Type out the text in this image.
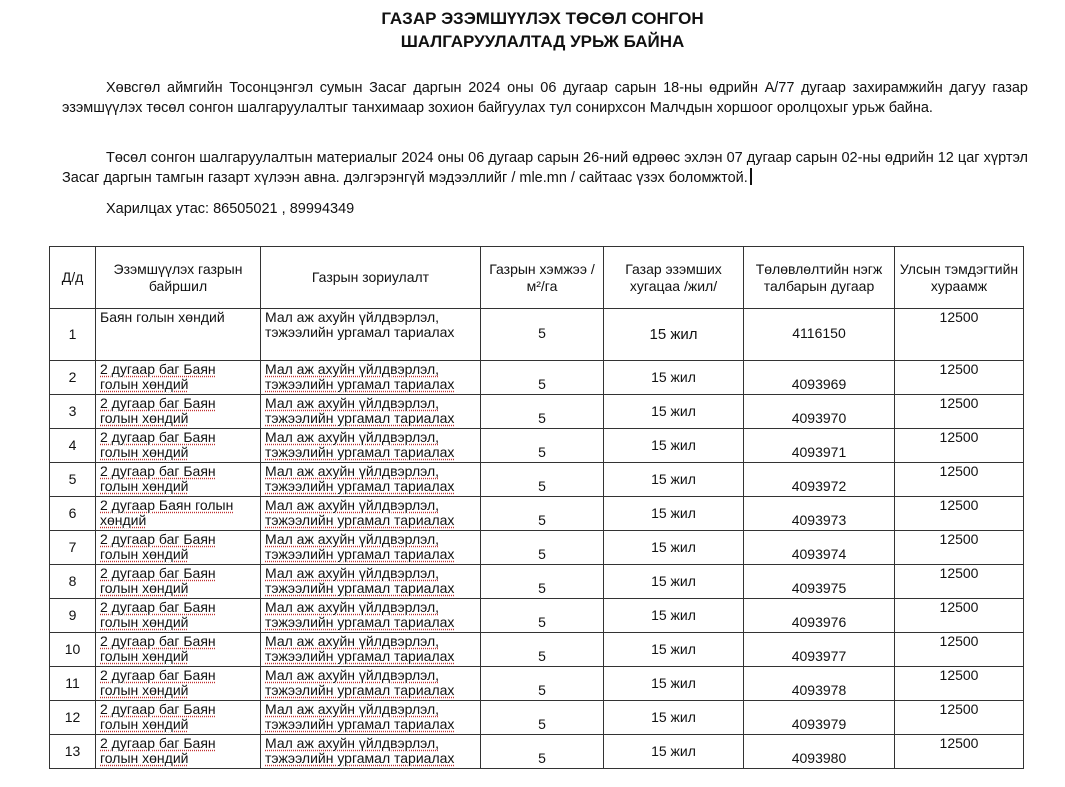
ГАЗАР ЭЗЭМШҮҮЛЭХ ТӨСӨЛ СОНГОН
ШАЛГАРУУЛАЛТАД УРЬЖ БАЙНА
Хөвсгөл аймгийн Тосонцэнгэл сумын Засаг даргын 2024 оны 06 дугаар сарын 18-ны өдрийн А/77 дугаар захирамжийн дагуу газар эзэмшүүлэх төсөл сонгон шалгаруулалтыг танхимаар зохион байгуулах тул сонирхсон Малчдын хоршоог оролцохыг урьж байна.
Төсөл сонгон шалгаруулалтын материалыг 2024 оны 06 дугаар сарын 26-ний өдрөөс эхлэн 07 дугаар сарын 02-ны өдрийн 12 цаг хүртэл Засаг даргын тамгын газарт хүлээн авна. дэлгэрэнгүй мэдээллийг / mle.mn / сайтаас үзэх боломжтой.
Харилцах утас: 86505021 , 89994349
Д/д	Эзэмшүүлэх газрын байршил	Газрын зориулалт	Газрын хэмжээ /м²/га	Газар эзэмших хугацаа /жил/	Төлөвлөлтийн нэгж талбарын дугаар	Улсын тэмдэгтийн хураамж
1	Баян голын хөндий	Мал аж ахуйн үйлдвэрлэл, тэжээлийн ургамал тариалах	5	15 жил	4116150	12500
2	2 дугаар баг Баян голын хөндий	Мал аж ахуйн үйлдвэрлэл, тэжээлийн ургамал тариалах	5	15 жил	4093969	12500
3	2 дугаар баг Баян голын хөндий	Мал аж ахуйн үйлдвэрлэл, тэжээлийн ургамал тариалах	5	15 жил	4093970	12500
4	2 дугаар баг Баян голын хөндий	Мал аж ахуйн үйлдвэрлэл, тэжээлийн ургамал тариалах	5	15 жил	4093971	12500
5	2 дугаар баг Баян голын хөндий	Мал аж ахуйн үйлдвэрлэл, тэжээлийн ургамал тариалах	5	15 жил	4093972	12500
6	2 дугаар Баян голын хөндий	Мал аж ахуйн үйлдвэрлэл, тэжээлийн ургамал тариалах	5	15 жил	4093973	12500
7	2 дугаар баг Баян голын хөндий	Мал аж ахуйн үйлдвэрлэл, тэжээлийн ургамал тариалах	5	15 жил	4093974	12500
8	2 дугаар баг Баян голын хөндий	Мал аж ахуйн үйлдвэрлэл, тэжээлийн ургамал тариалах	5	15 жил	4093975	12500
9	2 дугаар баг Баян голын хөндий	Мал аж ахуйн үйлдвэрлэл, тэжээлийн ургамал тариалах	5	15 жил	4093976	12500
10	2 дугаар баг Баян голын хөндий	Мал аж ахуйн үйлдвэрлэл, тэжээлийн ургамал тариалах	5	15 жил	4093977	12500
11	2 дугаар баг Баян голын хөндий	Мал аж ахуйн үйлдвэрлэл, тэжээлийн ургамал тариалах	5	15 жил	4093978	12500
12	2 дугаар баг Баян голын хөндий	Мал аж ахуйн үйлдвэрлэл, тэжээлийн ургамал тариалах	5	15 жил	4093979	12500
13	2 дугаар баг Баян голын хөндий	Мал аж ахуйн үйлдвэрлэл, тэжээлийн ургамал тариалах	5	15 жил	4093980	12500
